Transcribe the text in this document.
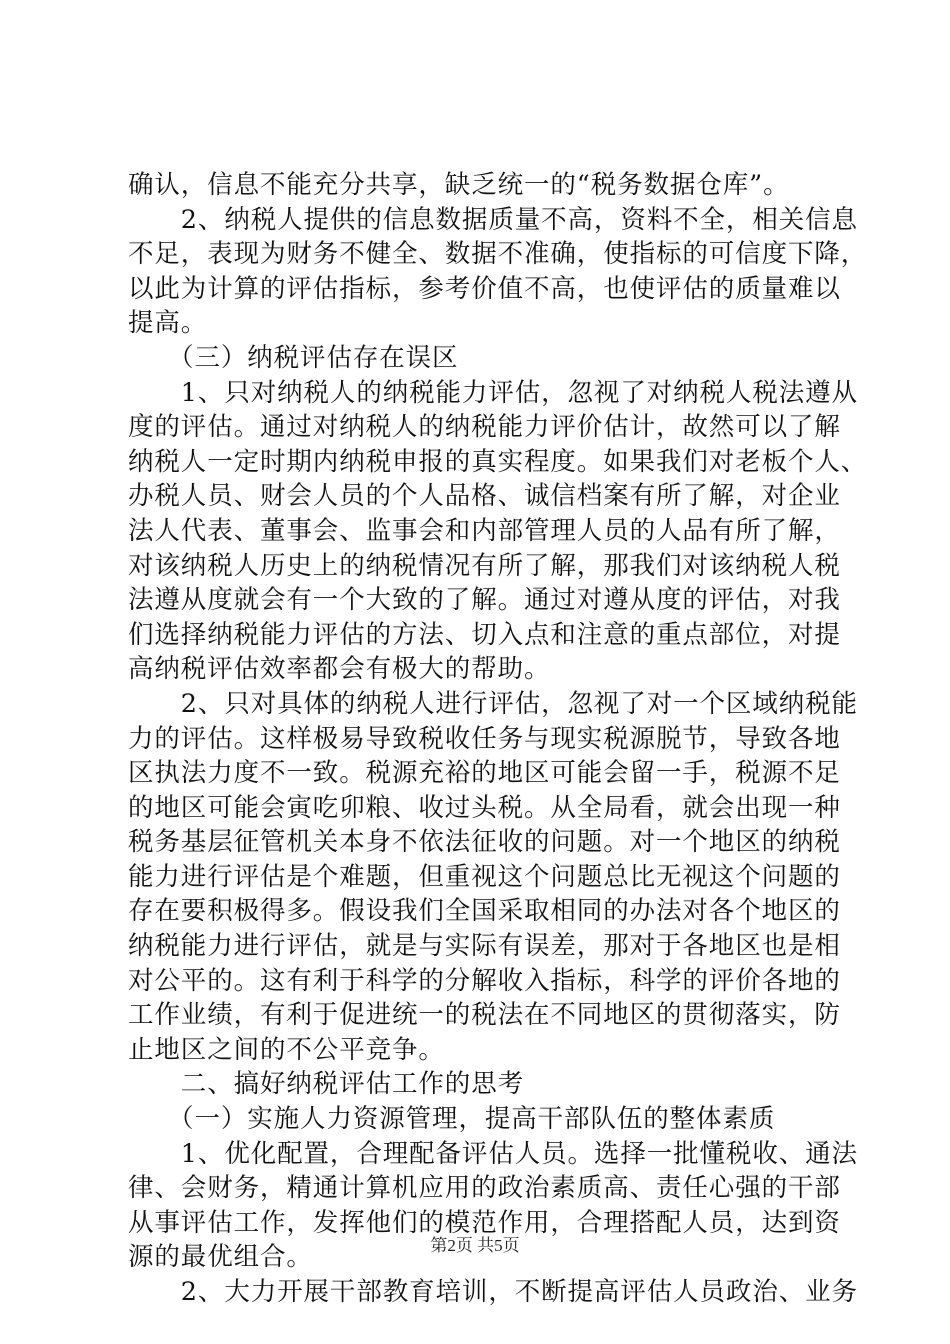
确认，信息不能充分共享，缺乏统一的“税务数据仓库”。
　　2、纳税人提供的信息数据质量不高，资料不全，相关信息
不足，表现为财务不健全、数据不准确，使指标的可信度下降，
以此为计算的评估指标，参考价值不高，也使评估的质量难以
提高。
　　（三）纳税评估存在误区
　　1、只对纳税人的纳税能力评估，忽视了对纳税人税法遵从
度的评估。通过对纳税人的纳税能力评价估计，故然可以了解
纳税人一定时期内纳税申报的真实程度。如果我们对老板个人、
办税人员、财会人员的个人品格、诚信档案有所了解，对企业
法人代表、董事会、监事会和内部管理人员的人品有所了解，
对该纳税人历史上的纳税情况有所了解，那我们对该纳税人税
法遵从度就会有一个大致的了解。通过对遵从度的评估，对我
们选择纳税能力评估的方法、切入点和注意的重点部位，对提
高纳税评估效率都会有极大的帮助。
　　2、只对具体的纳税人进行评估，忽视了对一个区域纳税能
力的评估。这样极易导致税收任务与现实税源脱节，导致各地
区执法力度不一致。税源充裕的地区可能会留一手，税源不足
的地区可能会寅吃卯粮、收过头税。从全局看，就会出现一种
税务基层征管机关本身不依法征收的问题。对一个地区的纳税
能力进行评估是个难题，但重视这个问题总比无视这个问题的
存在要积极得多。假设我们全国采取相同的办法对各个地区的
纳税能力进行评估，就是与实际有误差，那对于各地区也是相
对公平的。这有利于科学的分解收入指标，科学的评价各地的
工作业绩，有利于促进统一的税法在不同地区的贯彻落实，防
止地区之间的不公平竞争。
　　二、搞好纳税评估工作的思考
　　（一）实施人力资源管理，提高干部队伍的整体素质
　　1、优化配置，合理配备评估人员。选择一批懂税收、通法
律、会财务，精通计算机应用的政治素质高、责任心强的干部
从事评估工作，发挥他们的模范作用，合理搭配人员，达到资
源的最优组合。
　　2、大力开展干部教育培训，不断提高评估人员政治、业务
第2页 共5页
